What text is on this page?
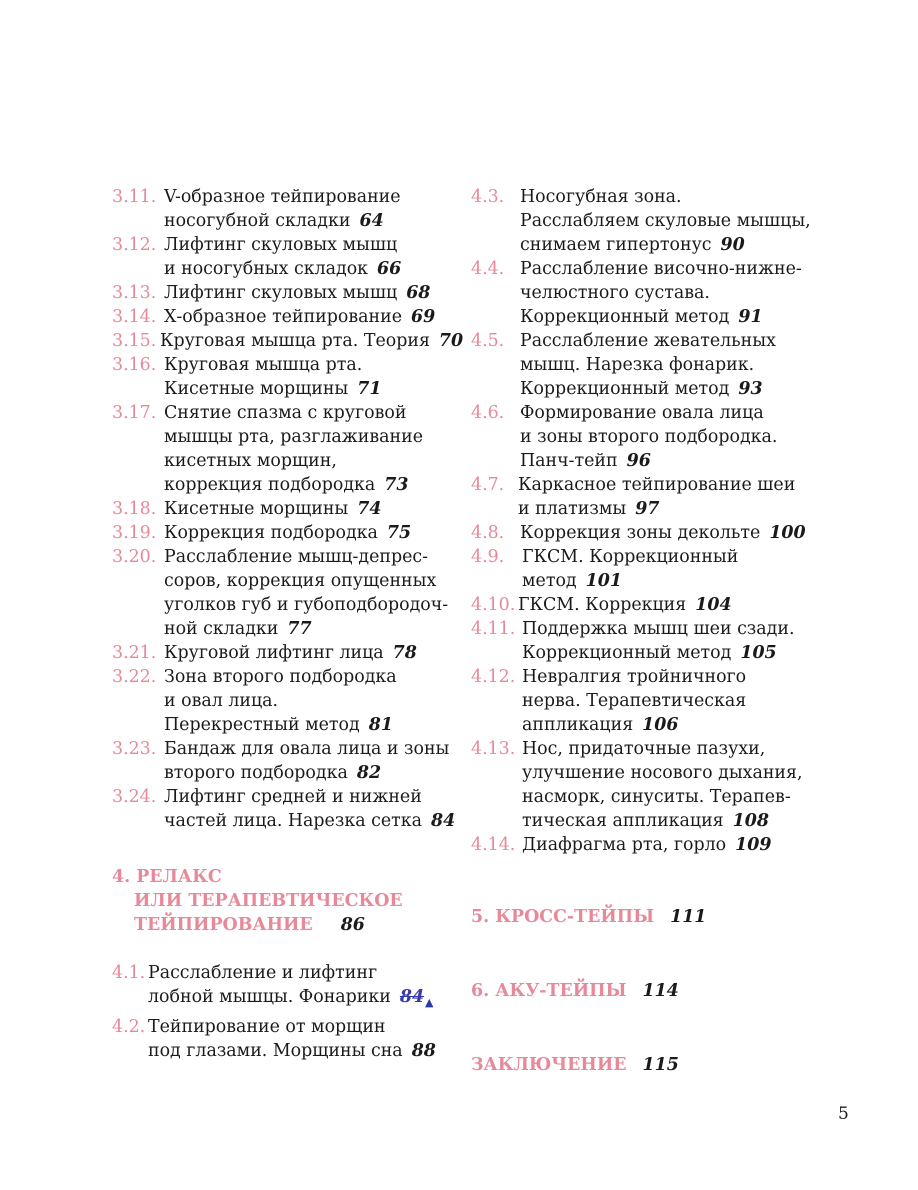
3.11. V-образное тейпирование
носогубной складки 64
3.12. Лифтинг скуловых мышц
и носогубных складок 66
3.13. Лифтинг скуловых мышц 68
3.14. Х-образное тейпирование 69
3.15. Круговая мышца рта. Теория 70
3.16. Круговая мышца рта.
Кисетные морщины 71
3.17. Снятие спазма с круговой
мышцы рта, разглаживание
кисетных морщин,
коррекция подбородка 73
3.18. Кисетные морщины 74
3.19. Коррекция подбородка 75
3.20. Расслабление мышц-депрес-
соров, коррекция опущенных
уголков губ и губоподбородоч-
ной складки 77
3.21. Круговой лифтинг лица 78
3.22. Зона второго подбородка
и овал лица.
Перекрестный метод 81
3.23. Бандаж для овала лица и зоны
второго подбородка 82
3.24. Лифтинг средней и нижней
частей лица. Нарезка сетка 84
4. РЕЛАКС
ИЛИ ТЕРАПЕВТИЧЕСКОЕ
ТЕЙПИРОВАНИЕ 86
4.1. Расслабление и лифтинг
лобной мышцы. Фонарики $84_▲$
4.2. Тейпирование от морщин
под глазами. Морщины сна 88
4.3. Носогубная зона.
Расслабляем скуловые мышцы,
снимаем гипертонус 90
4.4. Расслабление височно-нижне-
челюстного сустава.
Коррекционный метод 91
4.5. Расслабление жевательных
мышц. Нарезка фонарик.
Коррекционный метод 93
4.6. Формирование овала лица
и зоны второго подбородка.
Панч-тейп 96
4.7. Каркасное тейпирование шеи
и платизмы 97
4.8. Коррекция зоны декольте 100
4.9.	ГКСМ. Коррекционный
метод 101
4.10. ГКСМ. Коррекция 104
4.11. Поддержка мышц шеи сзади.
Коррекционный метод 105
4.12. Невралгия тройничного
нерва. Терапевтическая
аппликация 106
4.13. Нос, придаточные пазухи,
улучшение носового дыхания,
насморк, синуситы. Терапев-
тическая аппликация 108
4.14. Диафрагма рта, горло 109
5. КРОСС-ТЕЙПЫ 111
6. АКУ-ТЕЙПЫ 114
ЗАКЛЮЧЕНИЕ 115
5
